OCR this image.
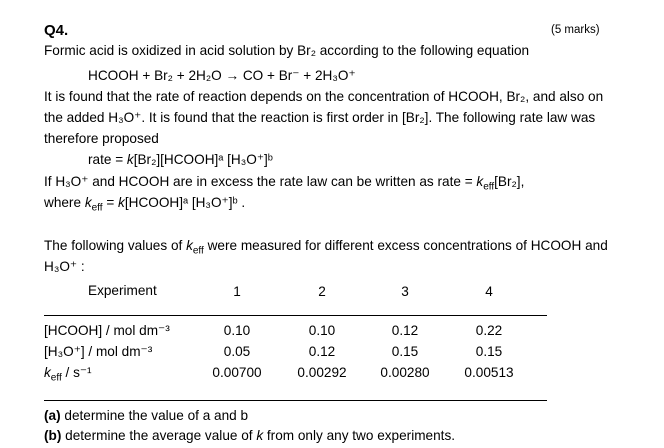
Q4.	(5 marks)
Formic acid is oxidized in acid solution by Br₂ according to the following equation
HCOOH + Br₂ + 2H₂O → CO + Br⁻ + 2H₃O⁺
It is found that the rate of reaction depends on the concentration of HCOOH, Br₂, and also on
the added H₃O⁺. It is found that the reaction is first order in [Br₂]. The following rate law was
therefore proposed
rate = k[Br₂][HCOOH]ᵃ [H₃O⁺]ᵇ
If H₃O⁺ and HCOOH are in excess the rate law can be written as rate = $k_{eff}[Br_2]$,
where $k_{eff}$ = k[HCOOH]ᵃ [H₃O⁺]ᵇ .
The following values of $k_{eff}$ were measured for different excess concentrations of HCOOH and
H₃O⁺ :
Experiment	1	2	3	4
[HCOOH] / mol dm⁻³	0.10	0.10	0.12	0.22
[H₃O⁺] / mol dm⁻³	0.05	0.12	0.15	0.15
$k_{eff} / s^{-1}$	0.00700	0.00292	0.00280	0.00513
(a) determine the value of a and b
(b) determine the average value of k from only any two experiments.
